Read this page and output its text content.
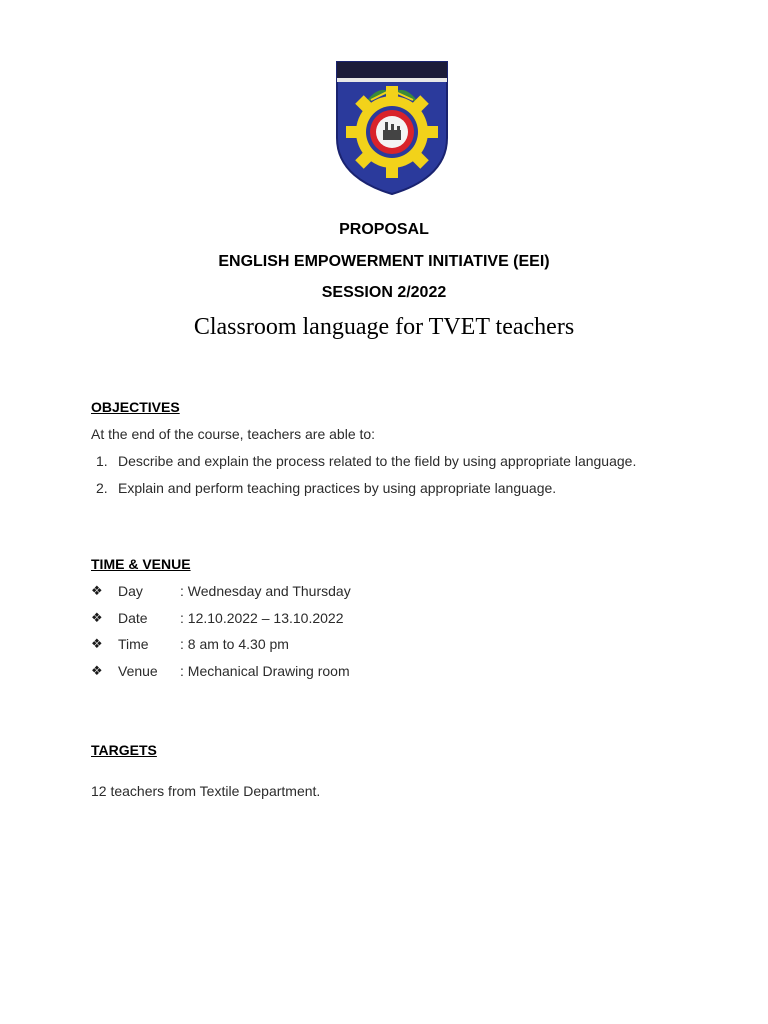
PROPOSAL
ENGLISH EMPOWERMENT INITIATIVE (EEI)
SESSION 2/2022
Classroom language for TVET teachers
OBJECTIVES
At the end of the course, teachers are able to:
1. Describe and explain the process related to the field by using appropriate language.
2. Explain and perform teaching practices by using appropriate language.
TIME & VENUE
❖ Day	: Wednesday and Thursday
❖ Date : 12.10.2022 – 13.10.2022
❖ Time : 8 am to 4.30 pm
❖ Venue : Mechanical Drawing room
TARGETS
12 teachers from Textile Department.
